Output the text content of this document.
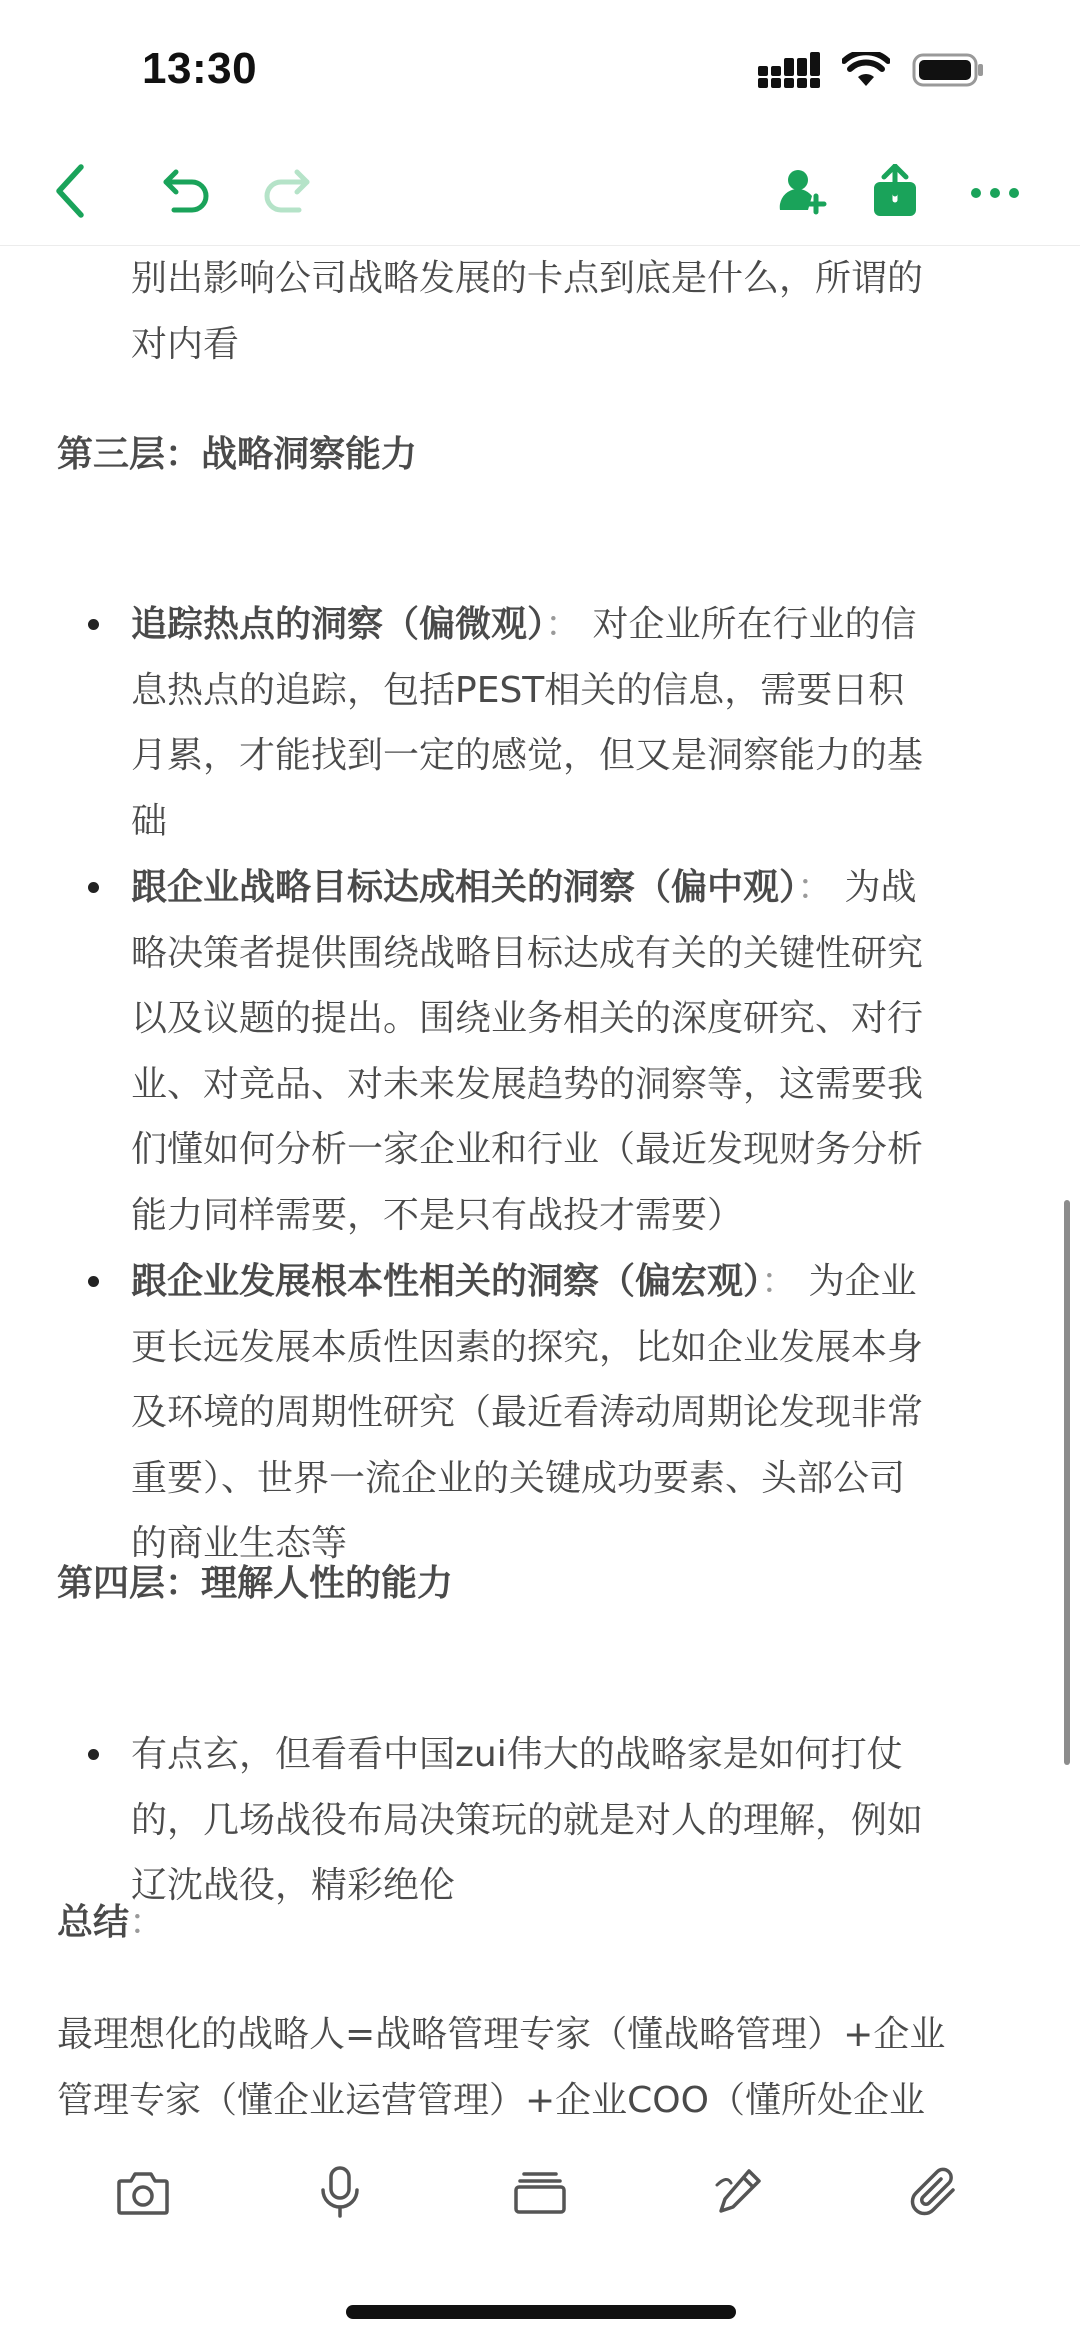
13:30

别出影响公司战略发展的卡点到底是什么，所谓的
对内看

第三层：战略洞察能力

追踪热点的洞察（偏微观）： 对企业所在行业的信
息热点的追踪，包括PEST相关的信息，需要日积
月累，才能找到一定的感觉，但又是洞察能力的基
础

跟企业战略目标达成相关的洞察（偏中观）： 为战
略决策者提供围绕战略目标达成有关的关键性研究
以及议题的提出。围绕业务相关的深度研究、对行
业、对竞品、对未来发展趋势的洞察等，这需要我
们懂如何分析一家企业和行业（最近发现财务分析
能力同样需要，不是只有战投才需要）

跟企业发展根本性相关的洞察（偏宏观）： 为企业
更长远发展本质性因素的探究，比如企业发展本身
及环境的周期性研究（最近看涛动周期论发现非常
重要）、世界一流企业的关键成功要素、头部公司
的商业生态等

第四层：理解人性的能力

有点玄，但看看中国zui伟大的战略家是如何打仗
的，几场战役布局决策玩的就是对人的理解，例如
辽沈战役，精彩绝伦

总结：

最理想化的战略人=战略管理专家（懂战略管理）+企业
管理专家（懂企业运营管理）+企业COO（懂所处企业
